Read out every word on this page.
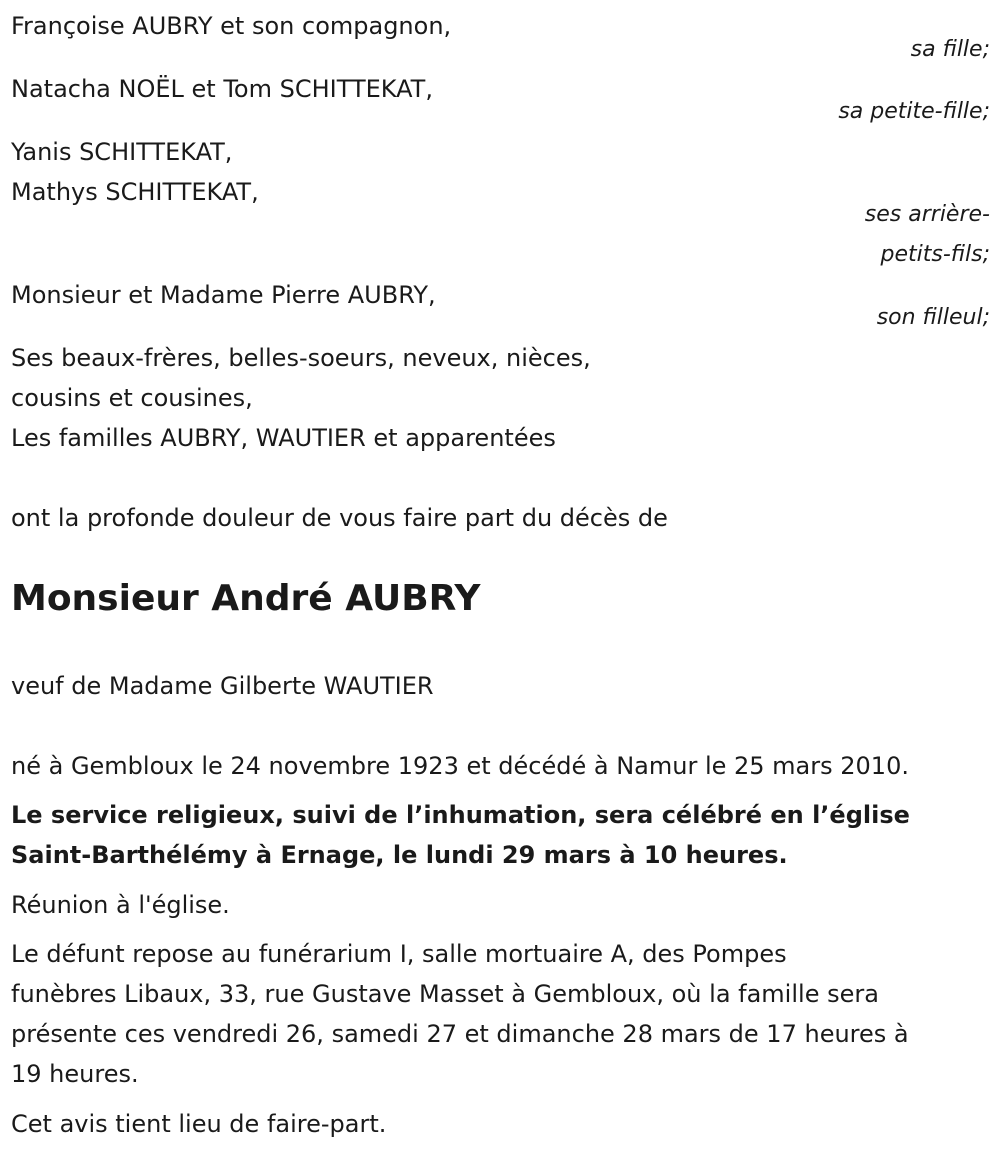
Françoise AUBRY et son compagnon,
sa fille;
Natacha NOËL et Tom SCHITTEKAT,
sa petite-fille;
Yanis SCHITTEKAT,
Mathys SCHITTEKAT,
ses arrière-
petits-fils;
Monsieur et Madame Pierre AUBRY,
son filleul;
Ses beaux-frères, belles-soeurs, neveux, nièces,
cousins et cousines,
Les familles AUBRY, WAUTIER et apparentées
ont la profonde douleur de vous faire part du décès de
Monsieur André AUBRY
veuf de Madame Gilberte WAUTIER
né à Gembloux le 24 novembre 1923 et décédé à Namur le 25 mars 2010.
Le service religieux, suivi de l’inhumation, sera célébré en l’église
Saint-Barthélémy à Ernage, le lundi 29 mars à 10 heures.
Réunion à l'église.
Le défunt repose au funérarium I, salle mortuaire A, des Pompes
funèbres Libaux, 33, rue Gustave Masset à Gembloux, où la famille sera
présente ces vendredi 26, samedi 27 et dimanche 28 mars de 17 heures à
19 heures.
Cet avis tient lieu de faire-part.
